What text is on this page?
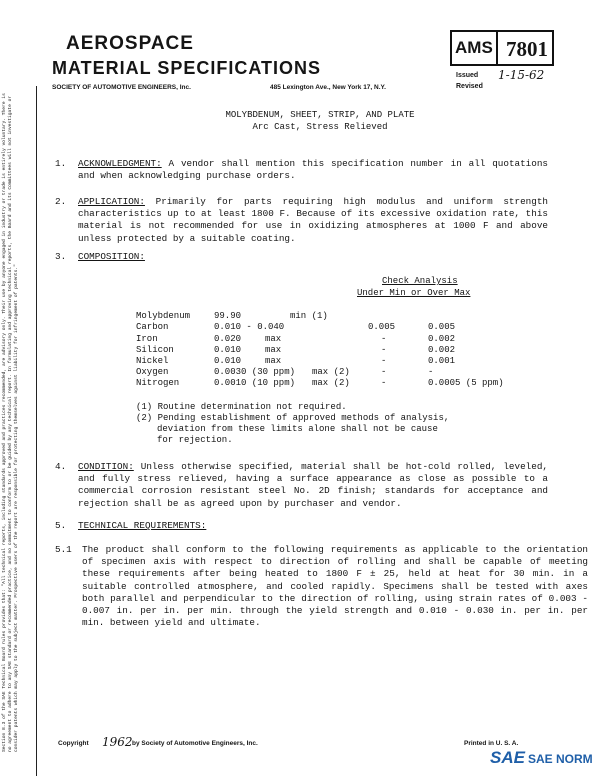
AEROSPACE
MATERIAL SPECIFICATIONS
SOCIETY OF AUTOMOTIVE ENGINEERS, Inc.	485 Lexington Ave., New York 17, N.Y.
AMS 7801
Issued 1-15-62
Revised
Section 8.3 of the SAE Technical Board rules provides that: "All technical reports, including standards approved and practices recommended, are advisory only. Their use by anyone engaged in industry or trade is entirely voluntary. There is no agreement to adhere to any SAE standard or recommended practice, and no commitment to conform to or be guided by any technical report. In formulating and approving technical reports, the Board and its Committees will not investigate or consider patents which may apply to the subject matter. Prospective users of the report are responsible for protecting themselves against liability for infringement of patents."
MOLYBDENUM, SHEET, STRIP, AND PLATE
Arc Cast, Stress Relieved
1. ACKNOWLEDGMENT: A vendor shall mention this specification number in all quotations and when acknowledging purchase orders.
2. APPLICATION: Primarily for parts requiring high modulus and uniform strength characteristics up to at least 1800 F. Because of its excessive oxidation rate, this material is not recommended for use in oxidizing atmospheres at 1000 F and above unless protected by a suitable coating.
3. COMPOSITION:
Check Analysis
Under Min or Over Max
Molybdenum	99.90	min (1)
Carbon	0.010 - 0.040	0.005	0.005
Iron	0.020	max	-	0.002
Silicon	0.010	max	-	0.002
Nickel	0.010	max	-	0.001
Oxygen	0.0030 (30 ppm) max (2)	-	-
Nitrogen	0.0010 (10 ppm) max (2)	-	0.0005 (5 ppm)
(1) Routine determination not required.
(2) Pending establishment of approved methods of analysis,
deviation from these limits alone shall not be cause
for rejection.
4. CONDITION: Unless otherwise specified, material shall be hot-cold rolled, leveled, and fully stress relieved, having a surface appearance as close as possible to a commercial corrosion resistant steel No. 2D finish; standards for acceptance and rejection shall be as agreed upon by purchaser and vendor.
5. TECHNICAL REQUIREMENTS:
5.1 The product shall conform to the following requirements as applicable to the orientation of specimen axis with respect to direction of rolling and shall be capable of meeting these requirements after being heated to 1800 F ± 25, held at heat for 30 min. in a suitable controlled atmosphere, and cooled rapidly. Specimens shall be tested with axes both parallel and perpendicular to the direction of rolling, using strain rates of 0.003 - 0.007 in. per in. per min. through the yield strength and 0.010 - 0.030 in. per in. per min. between yield and ultimate.
Copyright 1962 by Society of Automotive Engineers, Inc.	Printed in U. S. A.
SAE SAE NORM
